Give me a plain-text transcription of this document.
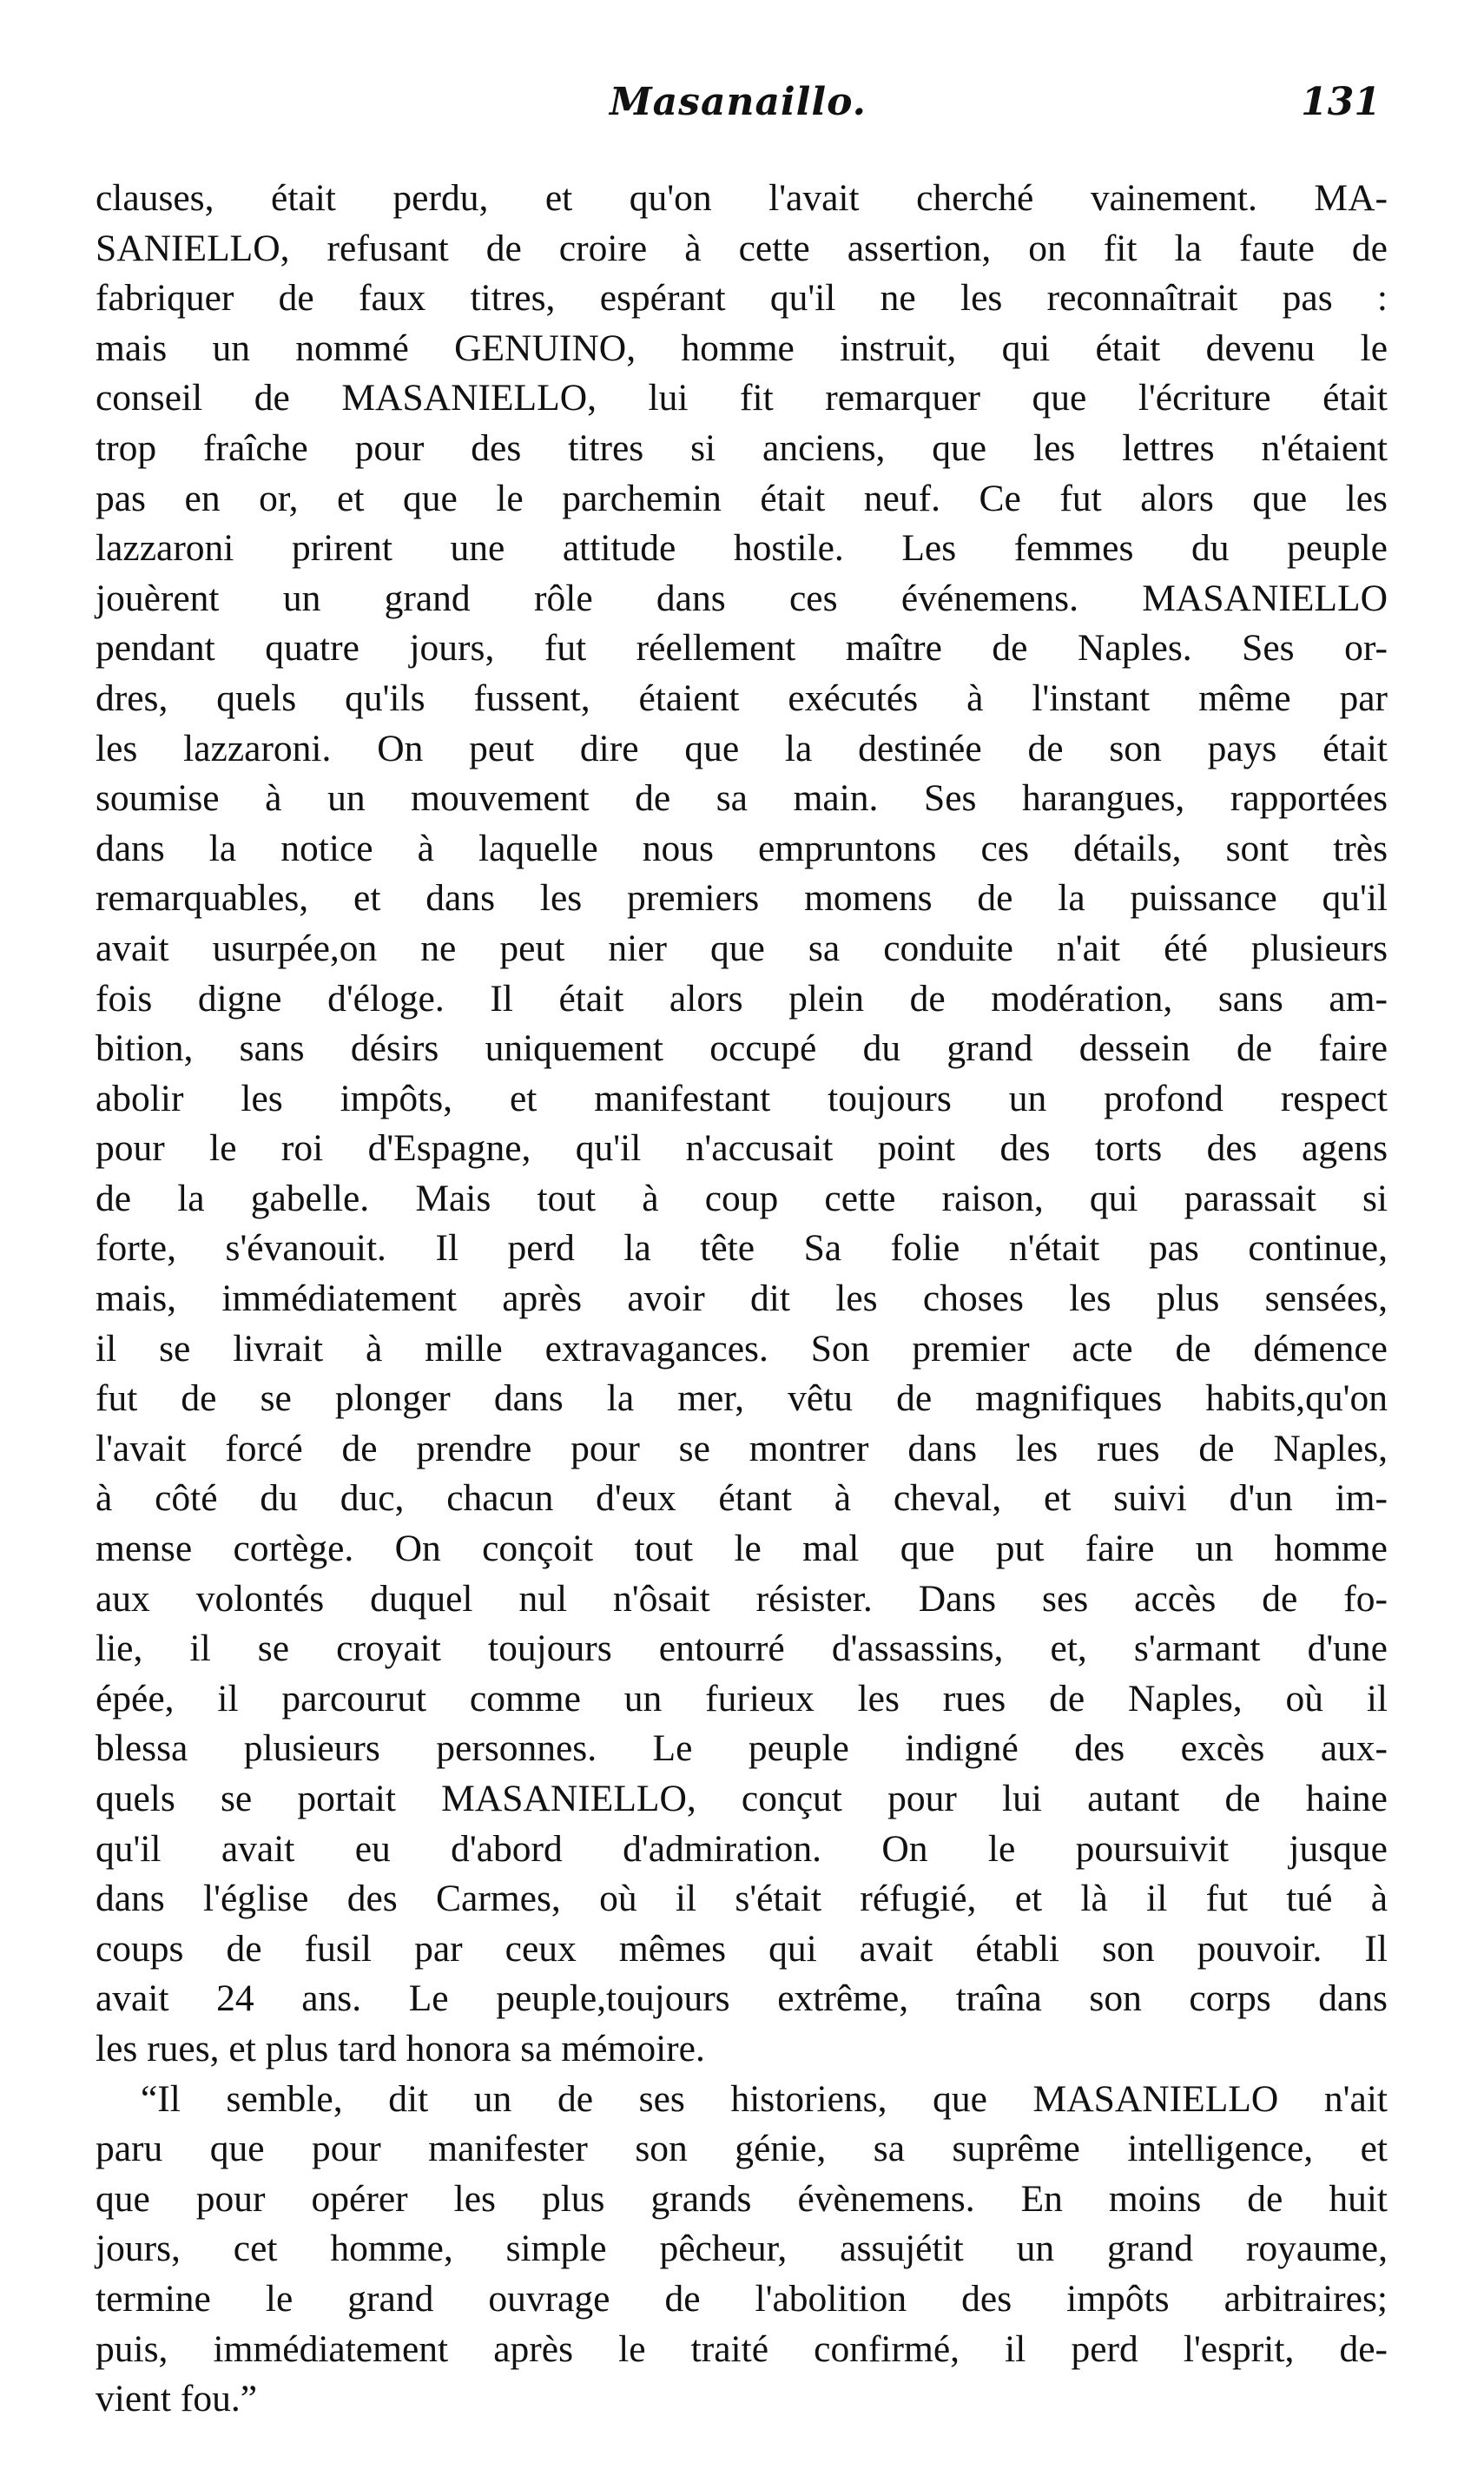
Masanaillo.	131
clauses, était perdu, et qu'on l'avait cherché vainement. MA-
SANIELLO, refusant de croire à cette assertion, on fit la faute de
fabriquer de faux titres, espérant qu'il ne les reconnaîtrait pas :
mais un nommé GENUINO, homme instruit, qui était devenu le
conseil de MASANIELLO, lui fit remarquer que l'écriture était
trop fraîche pour des titres si anciens, que les lettres n'étaient
pas en or, et que le parchemin était neuf. Ce fut alors que les
lazzaroni prirent une attitude hostile. Les femmes du peuple
jouèrent un grand rôle dans ces événemens. MASANIELLO
pendant quatre jours, fut réellement maître de Naples. Ses or-
dres, quels qu'ils fussent, étaient exécutés à l'instant même par
les lazzaroni. On peut dire que la destinée de son pays était
soumise à un mouvement de sa main. Ses harangues, rapportées
dans la notice à laquelle nous empruntons ces détails, sont très
remarquables, et dans les premiers momens de la puissance qu'il
avait usurpée,on ne peut nier que sa conduite n'ait été plusieurs
fois digne d'éloge. Il était alors plein de modération, sans am-
bition, sans désirs uniquement occupé du grand dessein de faire
abolir les impôts, et manifestant toujours un profond respect
pour le roi d'Espagne, qu'il n'accusait point des torts des agens
de la gabelle. Mais tout à coup cette raison, qui parassait si
forte, s'évanouit. Il perd la tête Sa folie n'était pas continue,
mais, immédiatement après avoir dit les choses les plus sensées,
il se livrait à mille extravagances. Son premier acte de démence
fut de se plonger dans la mer, vêtu de magnifiques habits,qu'on
l'avait forcé de prendre pour se montrer dans les rues de Naples,
à côté du duc, chacun d'eux étant à cheval, et suivi d'un im-
mense cortège. On conçoit tout le mal que put faire un homme
aux volontés duquel nul n'ôsait résister. Dans ses accès de fo-
lie, il se croyait toujours entourré d'assassins, et, s'armant d'une
épée, il parcourut comme un furieux les rues de Naples, où il
blessa plusieurs personnes. Le peuple indigné des excès aux-
quels se portait MASANIELLO, conçut pour lui autant de haine
qu'il avait eu d'abord d'admiration. On le poursuivit jusque
dans l'église des Carmes, où il s'était réfugié, et là il fut tué à
coups de fusil par ceux mêmes qui avait établi son pouvoir. Il
avait 24 ans. Le peuple,toujours extrême, traîna son corps dans
les rues, et plus tard honora sa mémoire.
“Il semble, dit un de ses historiens, que MASANIELLO n'ait
paru que pour manifester son génie, sa suprême intelligence, et
que pour opérer les plus grands évènemens. En moins de huit
jours, cet homme, simple pêcheur, assujétit un grand royaume,
termine le grand ouvrage de l'abolition des impôts arbitraires;
puis, immédiatement après le traité confirmé, il perd l'esprit, de-
vient fou.”
